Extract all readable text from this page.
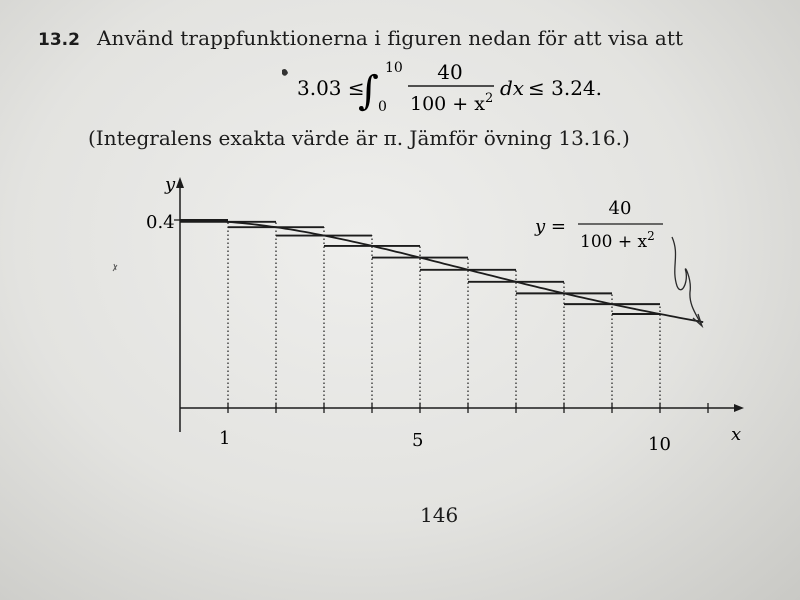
13.2 Använd trappfunktionerna i figuren nedan för att visa att
3.03 ≤
∫ 10
0
40
$100 + x^2$ dx ≤ 3.24.
(Integralens exakta värde är π. Jämför övning 13.16.)
y
x
0.4
1	5	10
y =
40
$100 + x^2$
146
